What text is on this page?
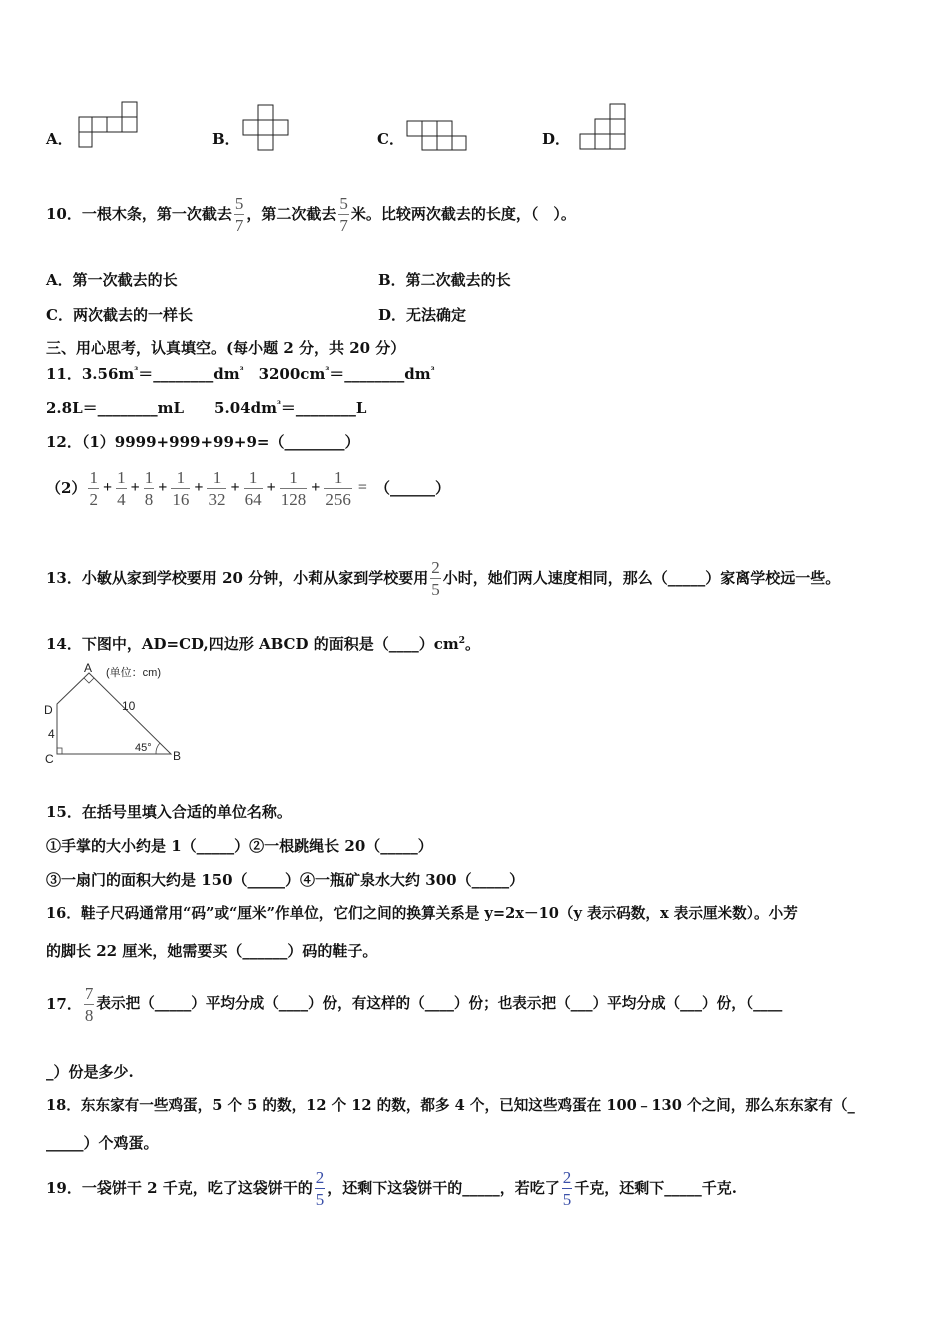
A．	B．	C．	D．
10．一根木条，第一次截去 $\frac{5}{7}$ ，第二次截去 $\frac{5}{7}$ 米。比较两次截去的长度，（　）。
A．第一次截去的长	B．第二次截去的长
C．两次截去的一样长	D．无法确定
三、用心思考，认真填空。(每小题 2 分，共 20 分）
11．$3.56m^{^3}=\_\_\_\_\_\_\_\_dm^{^3}$　$3200cm^{^3}=\_\_\_\_\_\_\_\_dm^{^3}$
2.8L＝________mL　　$5.04dm^{^3}=\_\_\_\_\_\_\_\_L$
12．（1）9999+999+99+9=（________）
$(2) \frac{1}{2} + \frac{1}{4} + \frac{1}{8} + \frac{1}{16} + \frac{1}{32} + \frac{1}{64} + \frac{1}{128} + \frac{1}{256}$ = （______）
13．小敏从家到学校要用 20 分钟，小莉从家到学校要用 $\frac{2}{5}$ 小时，她们两人速度相同，那么（_____）家离学校远一些。
14．下图中，AD=CD,四边形 ABCD 的面积是$(\_\_\_\_)cm^2$。
A (单位：cm)
D	10
4
45°
C	B
15．在括号里填入合适的单位名称。
①手掌的大小约是 1（_____）②一根跳绳长 20（_____）
③一扇门的面积大约是 150（_____）④一瓶矿泉水大约 300（_____）
16．鞋子尺码通常用“码”或“厘米”作单位，它们之间的换算关系是 y=2x－10（y 表示码数，x 表示厘米数）。小芳
的脚长 22 厘米，她需要买（______）码的鞋子。
17． $\frac{7}{8}$ 表示把（_____）平均分成（____）份，有这样的（____）份；也表示把（___）平均分成（___）份，（____
_）份是多少.
18．东东家有一些鸡蛋，5 个 5 的数，12 个 12 的数，都多 4 个，已知这些鸡蛋在 100﹣130 个之间，那么东东家有（_
_____）个鸡蛋。
19．一袋饼干 2 千克，吃了这袋饼干的 $\frac{2}{5}$ ，还剩下这袋饼干的_____，若吃了 $\frac{2}{5}$ 千克，还剩下_____千克.
